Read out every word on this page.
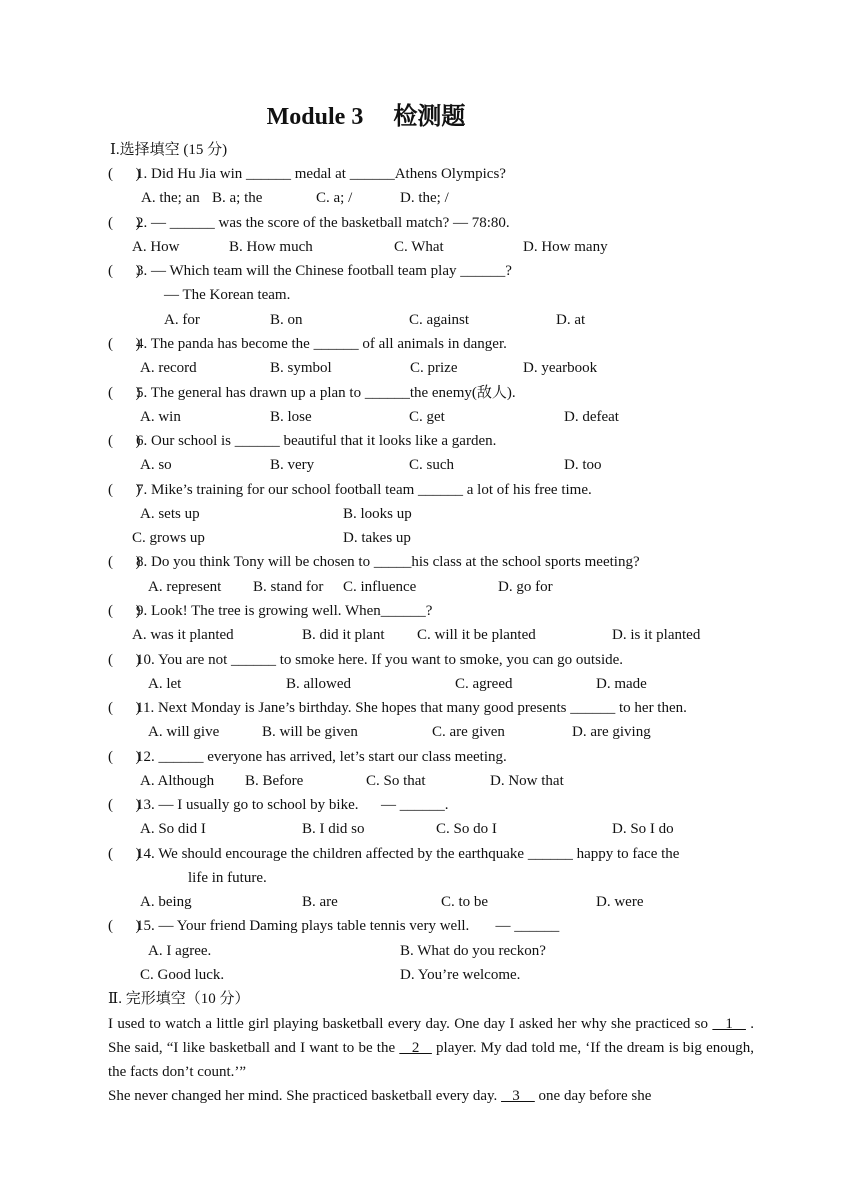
Module 3　 检测题
Ⅰ.选择填空 (15 分)
(      )1. Did Hu Jia win ______ medal at ______Athens Olympics?
A. the; an B. a; the	C. a; /	D. the; /
(      )2. — ______ was the score of the basketball match? — 78:80.
A. How	B. How much	C. What	D. How many
(      )3. — Which team will the Chinese football team play ______?
— The Korean team.
A. for	B. on	C. against	D. at
(      )4. The panda has become the ______ of all animals in danger.
A. record	B. symbol	C. prize	D. yearbook
(      )5. The general has drawn up a plan to ______the enemy(敌人).
A. win	B. lose	C. get	D. defeat
(      )6. Our school is ______ beautiful that it looks like a garden.
A. so	B. very	C. such	D. too
(      )7. Mike’s training for our school football team ______ a lot of his free time.
A. sets up	B. looks up
C. grows up	D. takes up
(      )8. Do you think Tony will be chosen to _____his class at the school sports meeting?
A. represent B. stand for C. influence	D. go for
(      )9. Look! The tree is growing well. When______?
A. was it planted	B. did it plant C. will it be planted	D. is it planted
(      )10. You are not ______ to smoke here. If you want to smoke, you can go outside.
A. let	B. allowed	C. agreed	D. made
(      )11. Next Monday is Jane’s birthday. She hopes that many good presents ______ to her then.
A. will give	B. will be given	C. are given	D. are giving
(      )12. ______ everyone has arrived, let’s start our class meeting.
A. Although B. Before	C. So that	D. Now that
(      )13. — I usually go to school by bike.      — ______.
A. So did I	B. I did so	C. So do I	D. So I do
(      )14. We should encourage the children affected by the earthquake ______ happy to face the
life in future.
A. being	B. are	C. to be	D. were
(      )15. — Your friend Daming plays table tennis very well.       — ______
A. I agree.	B. What do you reckon?
C. Good luck.	D. You’re welcome.
Ⅱ. 完形填空（10 分）
I used to watch a little girl playing basketball every day. One day I asked her why she practiced so    1    . She said, “I like basketball and I want to be the    2    player. My dad told me, ‘If the dream is big enough, the facts don’t count.’”
She never changed her mind. She practiced basketball every day.    3     one day before she
